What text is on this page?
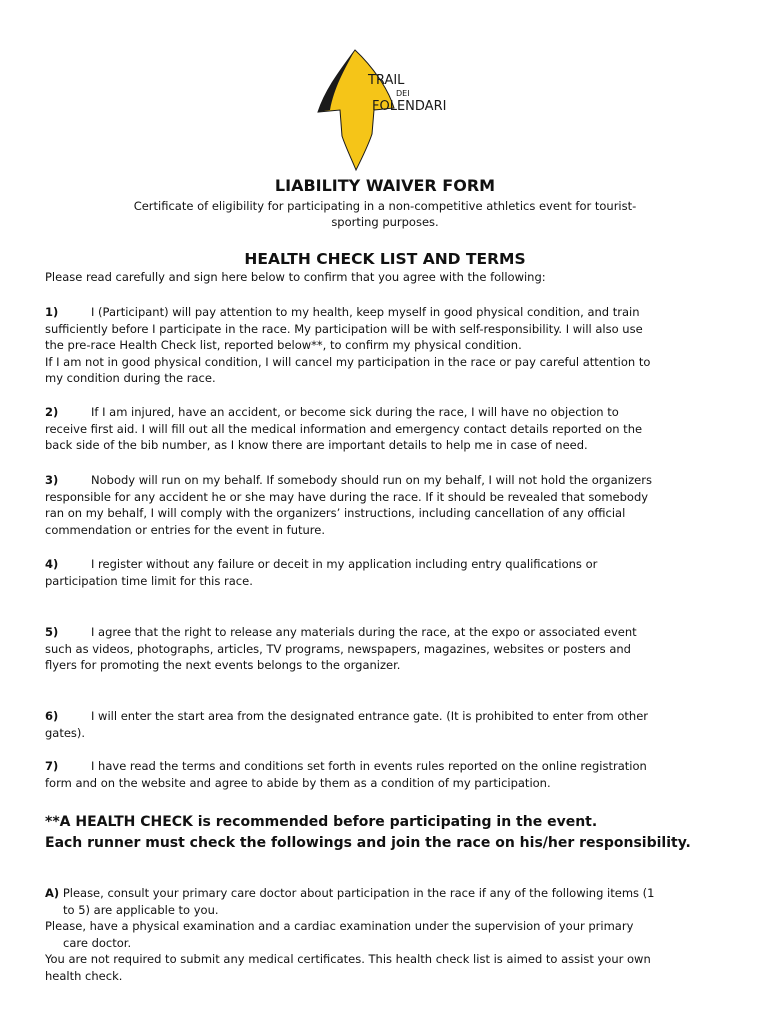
TRAIL
DEI
FOLENDARI
LIABILITY WAIVER FORM
Certificate of eligibility for participating in a non-competitive athletics event for tourist-
sporting purposes.
HEALTH CHECK LIST AND TERMS
Please read carefully and sign here below to confirm that you agree with the following:
1)	I (Participant) will pay attention to my health, keep myself in good physical condition, and train
sufficiently before I participate in the race. My participation will be with self-responsibility. I will also use
the pre-race Health Check list, reported below**, to confirm my physical condition.
If I am not in good physical condition, I will cancel my participation in the race or pay careful attention to
my condition during the race.
2)	If I am injured, have an accident, or become sick during the race, I will have no objection to
receive first aid. I will fill out all the medical information and emergency contact details reported on the
back side of the bib number, as I know there are important details to help me in case of need.
3)	Nobody will run on my behalf. If somebody should run on my behalf, I will not hold the organizers
responsible for any accident he or she may have during the race. If it should be revealed that somebody
ran on my behalf, I will comply with the organizers’ instructions, including cancellation of any official
commendation or entries for the event in future.
4)	I register without any failure or deceit in my application including entry qualifications or
participation time limit for this race.
5)	I agree that the right to release any materials during the race, at the expo or associated event
such as videos, photographs, articles, TV programs, newspapers, magazines, websites or posters and
flyers for promoting the next events belongs to the organizer.
6)	I will enter the start area from the designated entrance gate. (It is prohibited to enter from other
gates).
7)	I have read the terms and conditions set forth in events rules reported on the online registration
form and on the website and agree to abide by them as a condition of my participation.
**A HEALTH CHECK is recommended before participating in the event.
Each runner must check the followings and join the race on his/her responsibility.
A) Please, consult your primary care doctor about participation in the race if any of the following items (1
to 5) are applicable to you.
Please, have a physical examination and a cardiac examination under the supervision of your primary
care doctor.
You are not required to submit any medical certificates. This health check list is aimed to assist your own
health check.
